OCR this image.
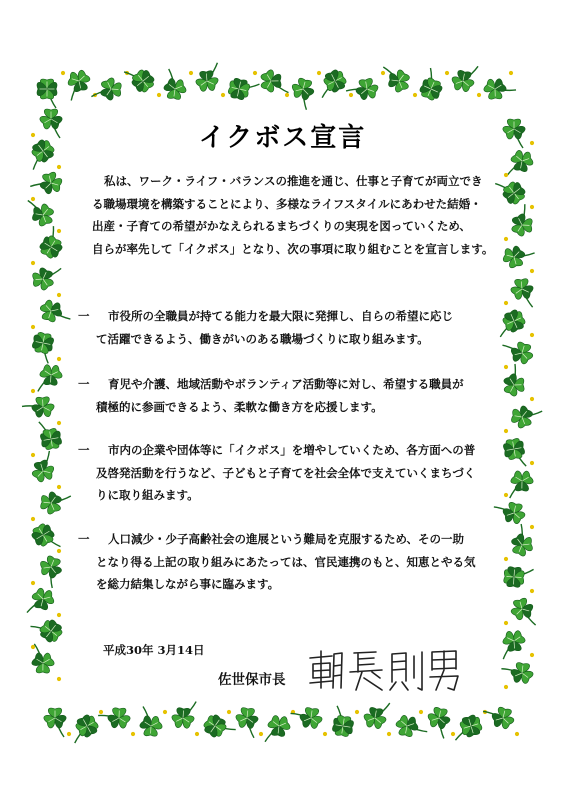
イクボス宣言
私は、ワーク・ライフ・バランスの推進を通じ、仕事と子育てが両立でき
る職場環境を構築することにより、多様なライフスタイルにあわせた結婚・
出産・子育ての希望がかなえられるまちづくりの実現を図っていくため、
自らが率先して「イクボス」となり、次の事項に取り組むことを宣言します。
一	市役所の全職員が持てる能力を最大限に発揮し、自らの希望に応じ
て活躍できるよう、働きがいのある職場づくりに取り組みます。
一	育児や介護、地域活動やボランティア活動等に対し、希望する職員が
積極的に参画できるよう、柔軟な働き方を応援します。
一	市内の企業や団体等に「イクボス」を増やしていくため、各方面への普
及啓発活動を行うなど、子どもと子育てを社会全体で支えていくまちづく
りに取り組みます。
一	人口減少・少子高齢社会の進展という難局を克服するため、その一助
となり得る上記の取り組みにあたっては、官民連携のもと、知恵とやる気
を総力結集しながら事に臨みます。
平成30年 3月14日
佐世保市長
